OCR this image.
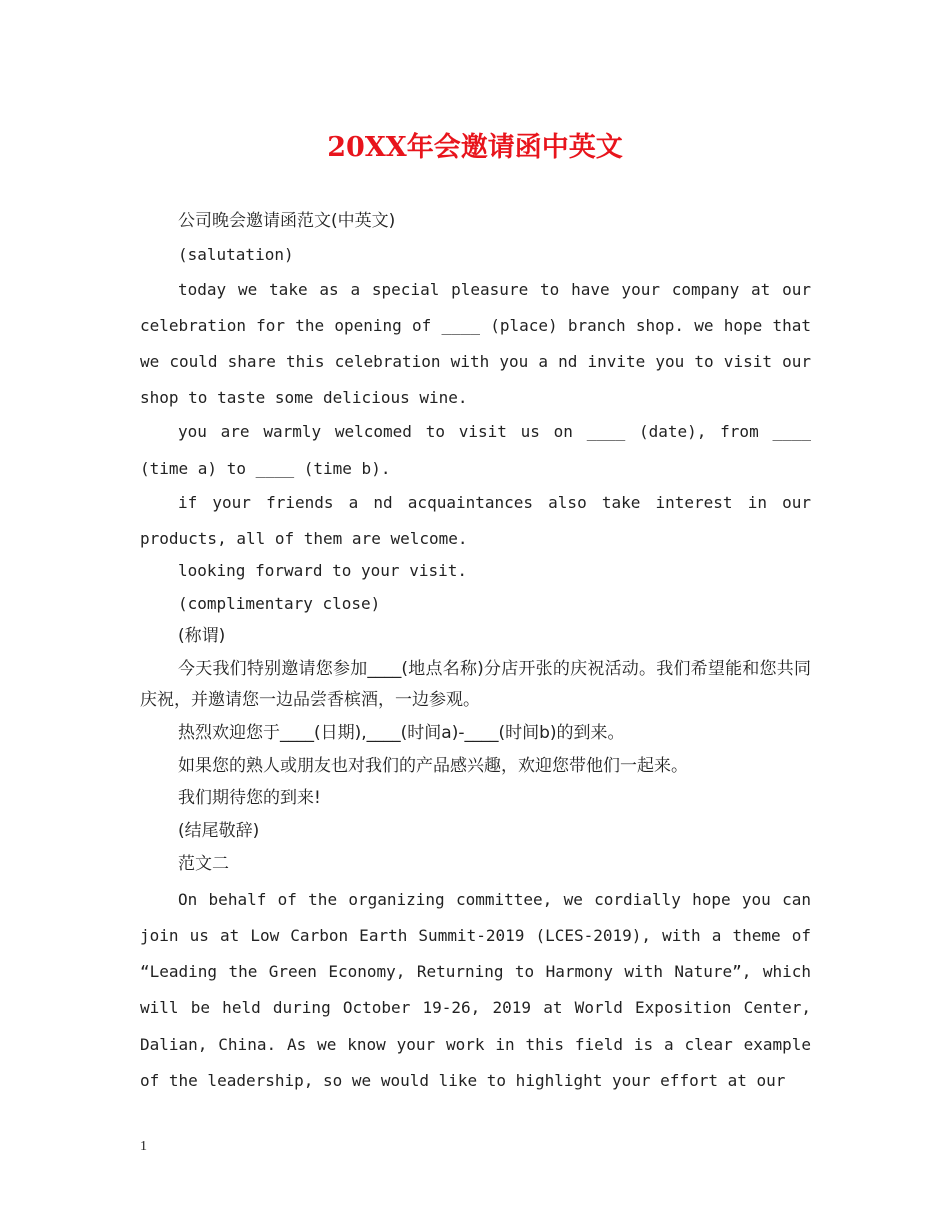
20XX年会邀请函中英文

公司晚会邀请函范文(中英文)

(salutation)

today we take as a special pleasure to have your company at our celebration for the opening of ____ (place) branch shop. we hope that we could share this celebration with you a nd invite you to visit our shop to taste some delicious wine.

you are warmly welcomed to visit us on ____ (date), from ____ (time a) to ____ (time b).

if your friends a nd acquaintances also take interest in our products, all of them are welcome.

looking forward to your visit.

(complimentary close)

(称谓)

今天我们特别邀请您参加____(地点名称)分店开张的庆祝活动。我们希望能和您共同庆祝，并邀请您一边品尝香槟酒，一边参观。

热烈欢迎您于____(日期),____(时间a)-____(时间b)的到来。

如果您的熟人或朋友也对我们的产品感兴趣，欢迎您带他们一起来。

我们期待您的到来!

(结尾敬辞)

范文二

On behalf of the organizing committee, we cordially hope you can join us at Low Carbon Earth Summit-2019 (LCES-2019), with a theme of “Leading the Green Economy, Returning to Harmony with Nature”, which will be held during October 19-26, 2019 at World Exposition Center, Dalian, China. As we know your work in this field is a clear example of the leadership, so we would like to highlight your effort at our

1
